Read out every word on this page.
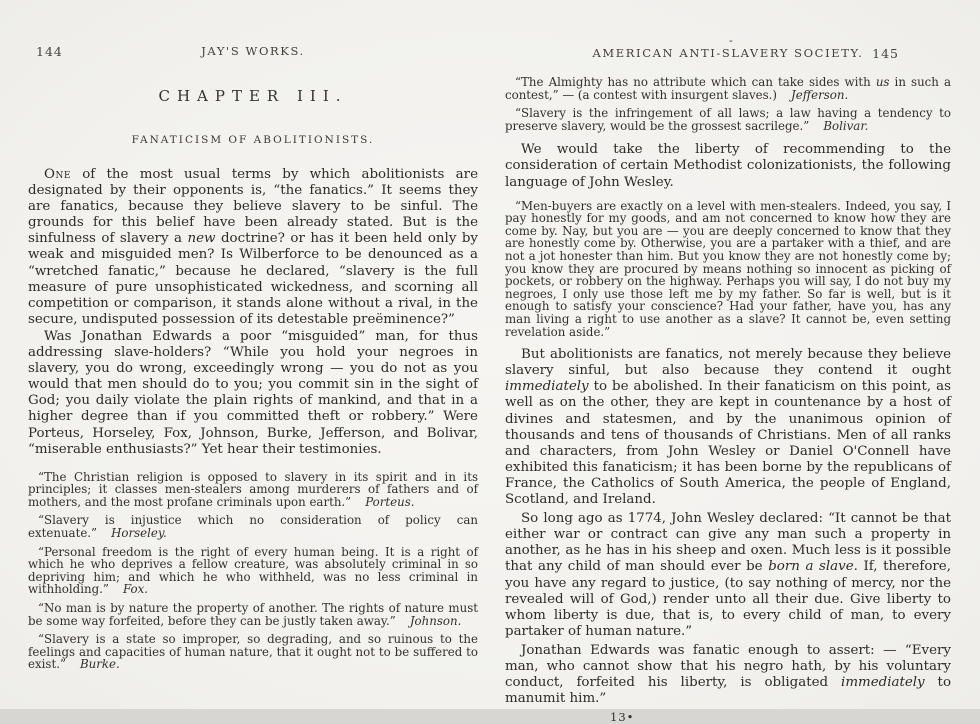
144	JAY'S WORKS.
CHAPTER III.
FANATICISM OF ABOLITIONISTS.

One of the most usual terms by which abolitionists are designated by their opponents is, “the fanatics.” It seems they are fanatics, because they believe slavery to be sinful. The grounds for this belief have been already stated. But is the sinfulness of slavery a new doctrine? or has it been held only by weak and misguided men? Is Wilberforce to be denounced as a “wretched fanatic,” because he declared, “slavery is the full measure of pure unsophisticated wickedness, and scorning all competition or comparison, it stands alone without a rival, in the secure, undisputed possession of its detestable preëminence?”

Was Jonathan Edwards a poor “misguided” man, for thus addressing slave-holders? “While you hold your negroes in slavery, you do wrong, exceedingly wrong — you do not as you would that men should do to you; you commit sin in the sight of God; you daily violate the plain rights of mankind, and that in a higher degree than if you committed theft or robbery.” Were Porteus, Horseley, Fox, Johnson, Burke, Jefferson, and Bolivar, “miserable enthusiasts?” Yet hear their testimonies.

“The Christian religion is opposed to slavery in its spirit and in its principles; it classes men-stealers among murderers of fathers and of mothers, and the most profane criminals upon earth.” Porteus.

“Slavery is injustice which no consideration of policy can extenuate.” Horseley.

“Personal freedom is the right of every human being. It is a right of which he who deprives a fellow creature, was absolutely criminal in so depriving him; and which he who withheld, was no less criminal in withholding.” Fox.

“No man is by nature the property of another. The rights of nature must be some way forfeited, before they can be justly taken away.” Johnson.

“Slavery is a state so improper, so degrading, and so ruinous to the feelings and capacities of human nature, that it ought not to be suffered to exist.” Burke.

-
AMERICAN ANTI-SLAVERY SOCIETY. 145

“The Almighty has no attribute which can take sides with us in such a contest,” — (a contest with insurgent slaves.) Jefferson.

“Slavery is the infringement of all laws; a law having a tendency to preserve slavery, would be the grossest sacrilege.” Bolivar.

We would take the liberty of recommending to the consideration of certain Methodist colonizationists, the following language of John Wesley.

“Men-buyers are exactly on a level with men-stealers. Indeed, you say, I pay honestly for my goods, and am not concerned to know how they are come by. Nay, but you are — you are deeply concerned to know that they are honestly come by. Otherwise, you are a partaker with a thief, and are not a jot honester than him. But you know they are not honestly come by; you know they are procured by means nothing so innocent as picking of pockets, or robbery on the highway. Perhaps you will say, I do not buy my negroes, I only use those left me by my father. So far is well, but is it enough to satisfy your conscience? Had your father, have you, has any man living a right to use another as a slave? It cannot be, even setting revelation aside.”

But abolitionists are fanatics, not merely because they believe slavery sinful, but also because they contend it ought immediately to be abolished. In their fanaticism on this point, as well as on the other, they are kept in countenance by a host of divines and statesmen, and by the unanimous opinion of thousands and tens of thousands of Christians. Men of all ranks and characters, from John Wesley or Daniel O'Connell have exhibited this fanaticism; it has been borne by the republicans of France, the Catholics of South America, the people of England, Scotland, and Ireland.

So long ago as 1774, John Wesley declared: “It cannot be that either war or contract can give any man such a property in another, as he has in his sheep and oxen. Much less is it possible that any child of man should ever be born a slave. If, therefore, you have any regard to justice, (to say nothing of mercy, nor the revealed will of God,) render unto all their due. Give liberty to whom liberty is due, that is, to every child of man, to every partaker of human nature.”

Jonathan Edwards was fanatic enough to assert: — “Every man, who cannot show that his negro hath, by his voluntary conduct, forfeited his liberty, is obligated immediately to manumit him.”

13•
